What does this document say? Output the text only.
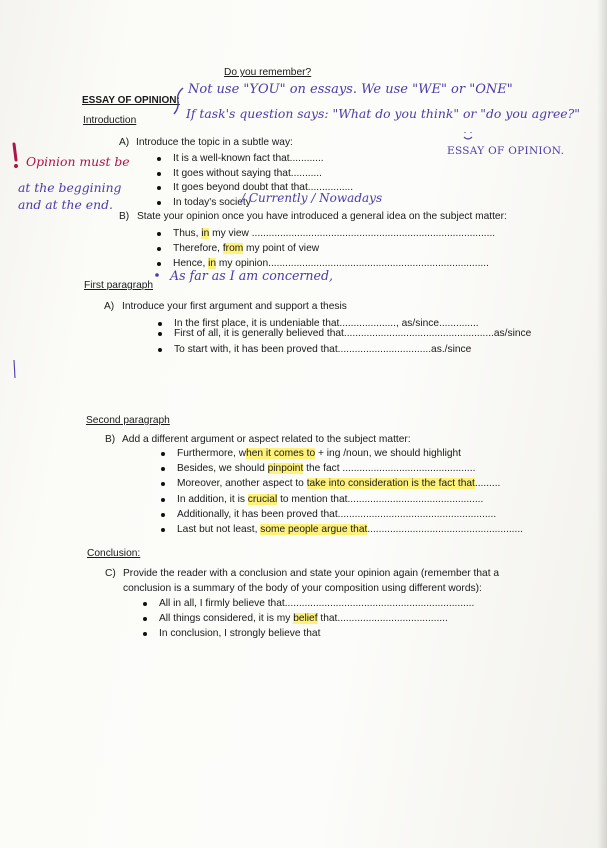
Do you remember?
ESSAY OF OPINION:
Not use "YOU" on essays. We use "WE" or "ONE"
If task's question says: "What do you think" or "do you agree?"
ESSAY OF OPINION.
Introduction
A) Introduce the topic in a subtle way:
It is a well-known fact that............
It goes without saying that...........
It goes beyond doubt that that................
In today's society
/ Currently / Nowadays
Opinion must be
at the beggining
and at the end.
B) State your opinion once you have introduced a general idea on the subject matter:
Thus, in my view ......................................................................................
Therefore, from my point of view
Hence, in my opinion..............................................................................
As far as I am concerned,
First paragraph
A) Introduce your first argument and support a thesis
In the first place, it is undeniable that...................., as/since..............
First of all, it is generally believed that.....................................................as/since
To start with, it has been proved that.................................as./since
Second paragraph
B) Add a different argument or aspect related to the subject matter:
Furthermore, when it comes to + ing /noun, we should highlight
Besides, we should pinpoint the fact ...............................................
Moreover, another aspect to take into consideration is the fact that.........
In addition, it is crucial to mention that................................................
Additionally, it has been proved that........................................................
Last but not least, some people argue that.......................................................
Conclusion:
C) Provide the reader with a conclusion and state your opinion again (remember that a
conclusion is a summary of the body of your composition using different words):
All in all, I firmly believe that...................................................................
All things considered, it is my belief that.......................................
In conclusion, I strongly believe that
